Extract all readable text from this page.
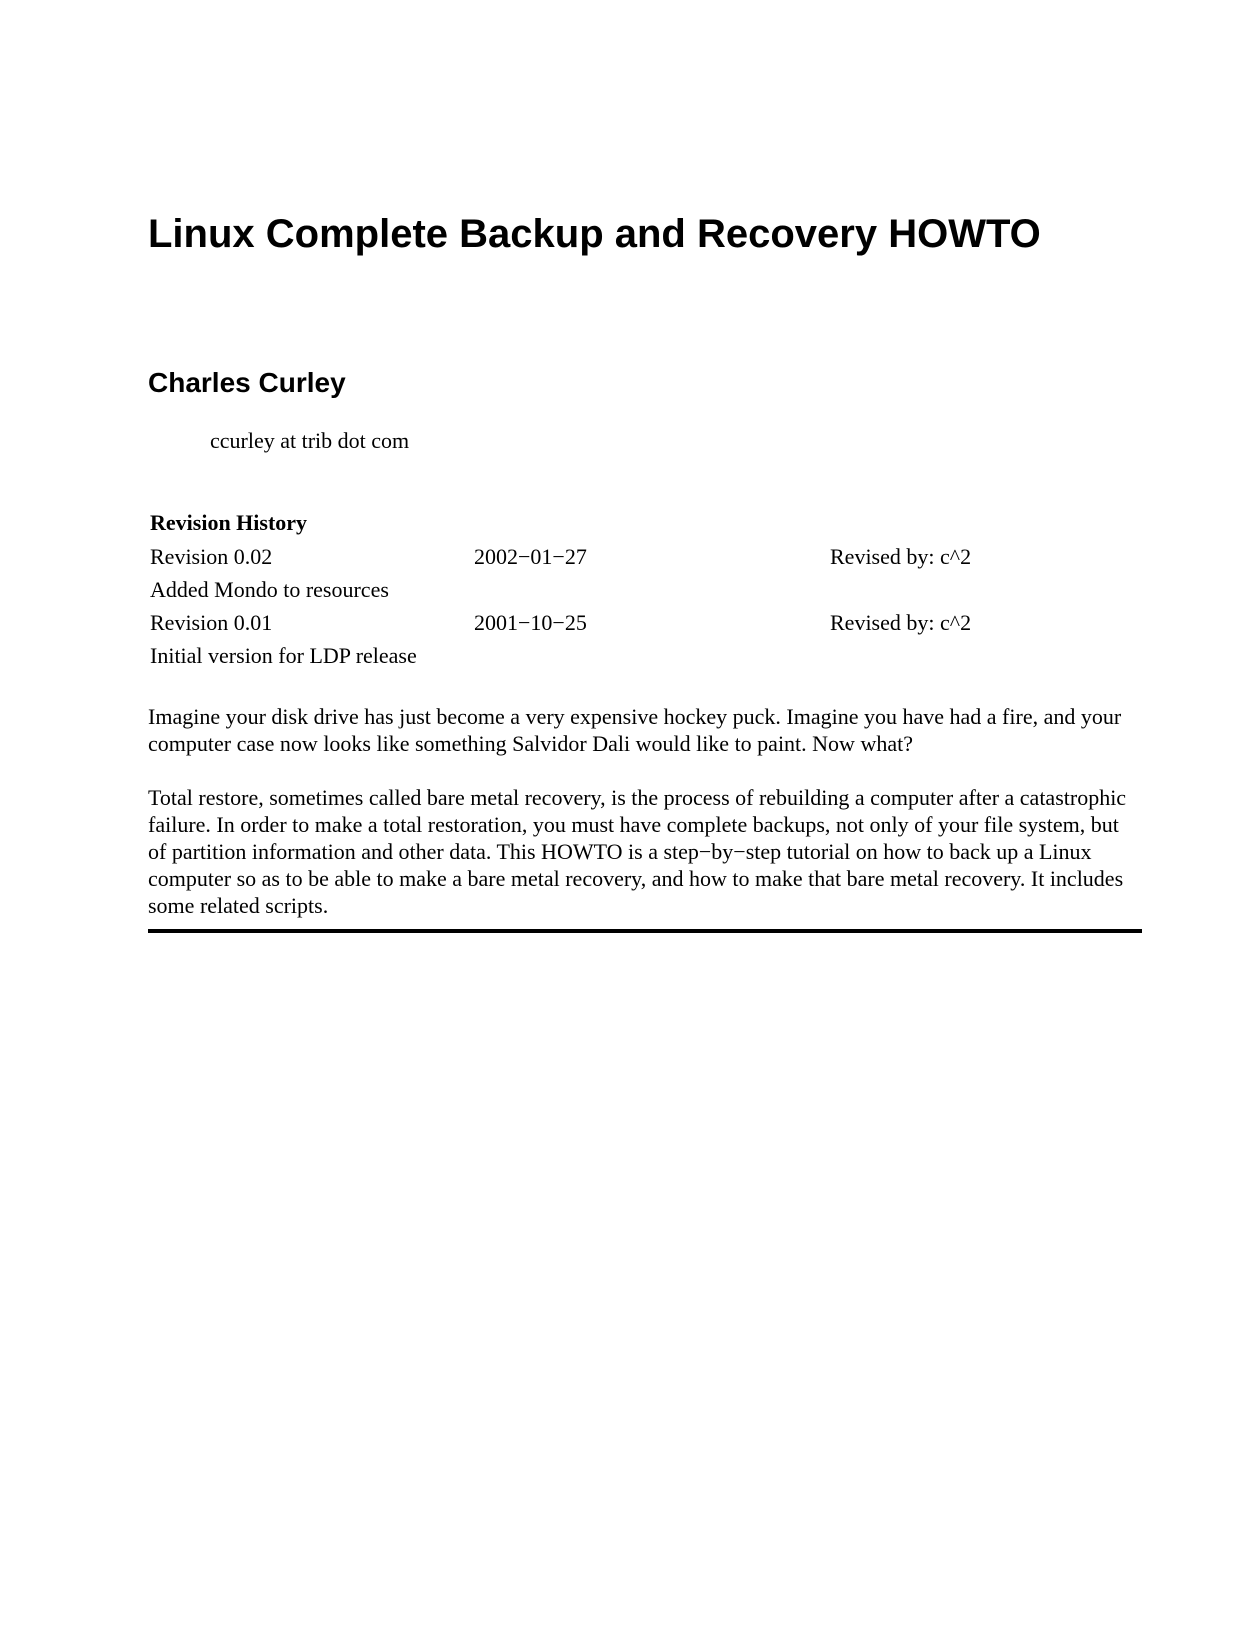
Linux Complete Backup and Recovery HOWTO
Charles Curley
ccurley at trib dot com
Revision History
Revision 0.02	2002−01−27	Revised by: c^2
Added Mondo to resources
Revision 0.01	2001−10−25	Revised by: c^2
Initial version for LDP release

Imagine your disk drive has just become a very expensive hockey puck. Imagine you have had a fire, and your computer case now looks like something Salvidor Dali would like to paint. Now what?

Total restore, sometimes called bare metal recovery, is the process of rebuilding a computer after a catastrophic failure. In order to make a total restoration, you must have complete backups, not only of your file system, but of partition information and other data. This HOWTO is a step−by−step tutorial on how to back up a Linux computer so as to be able to make a bare metal recovery, and how to make that bare metal recovery. It includes some related scripts.
